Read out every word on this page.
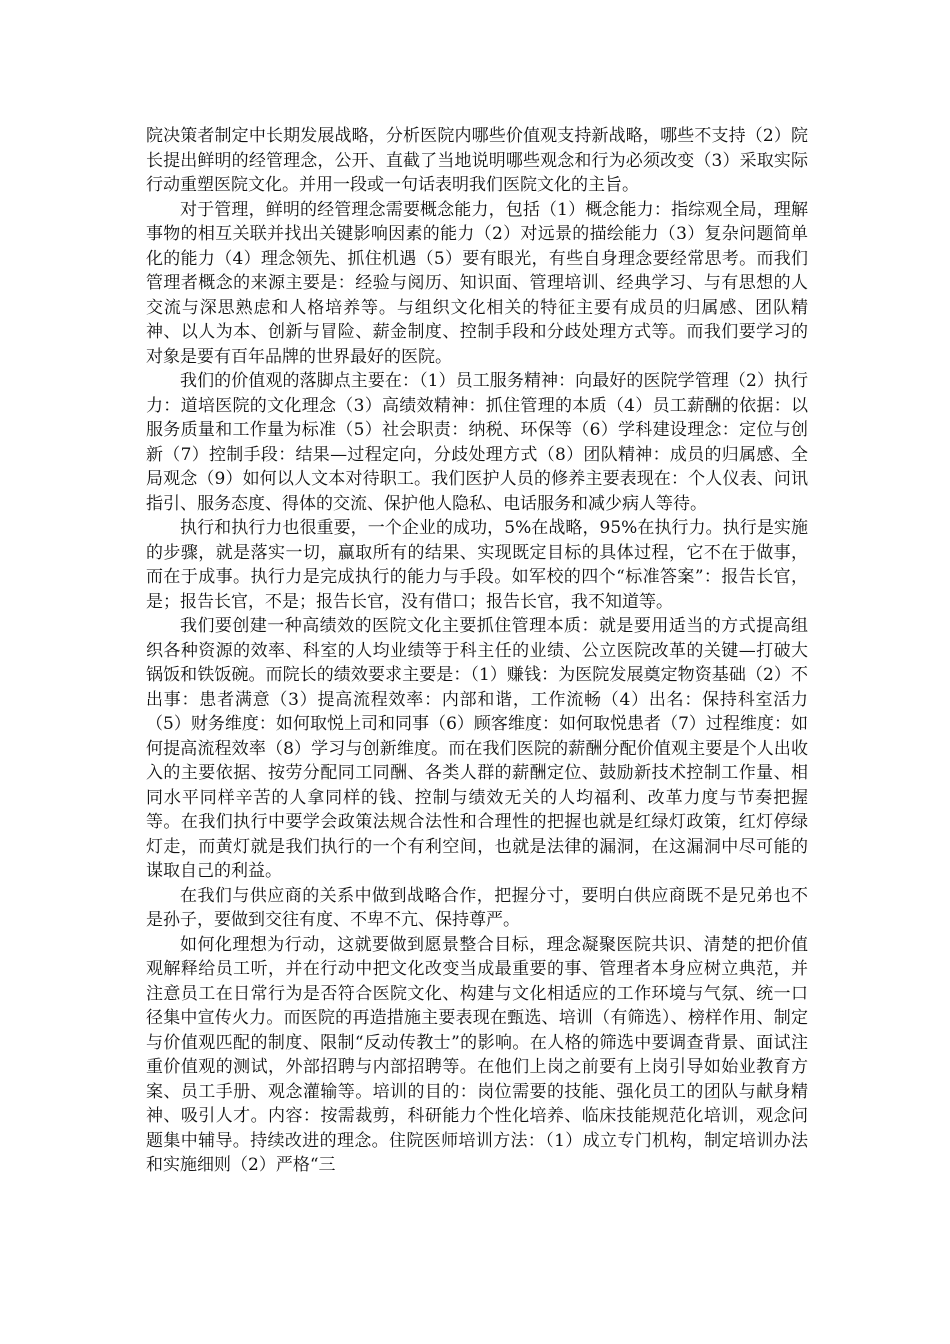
院决策者制定中长期发展战略，分析医院内哪些价值观支持新战略，哪些不支持（2）院长提出鲜明的经管理念，公开、直截了当地说明哪些观念和行为必须改变（3）采取实际行动重塑医院文化。并用一段或一句话表明我们医院文化的主旨。

对于管理，鲜明的经管理念需要概念能力，包括（1）概念能力：指综观全局，理解事物的相互关联并找出关键影响因素的能力（2）对远景的描绘能力（3）复杂问题简单化的能力（4）理念领先、抓住机遇（5）要有眼光，有些自身理念要经常思考。而我们管理者概念的来源主要是：经验与阅历、知识面、管理培训、经典学习、与有思想的人交流与深思熟虑和人格培养等。与组织文化相关的特征主要有成员的归属感、团队精神、以人为本、创新与冒险、薪金制度、控制手段和分歧处理方式等。而我们要学习的对象是要有百年品牌的世界最好的医院。

我们的价值观的落脚点主要在：（1）员工服务精神：向最好的医院学管理（2）执行力：道培医院的文化理念（3）高绩效精神：抓住管理的本质（4）员工薪酬的依据：以服务质量和工作量为标准（5）社会职责：纳税、环保等（6）学科建设理念：定位与创新（7）控制手段：结果—过程定向，分歧处理方式（8）团队精神：成员的归属感、全局观念（9）如何以人文本对待职工。我们医护人员的修养主要表现在：个人仪表、问讯指引、服务态度、得体的交流、保护他人隐私、电话服务和减少病人等待。

执行和执行力也很重要，一个企业的成功，5%在战略，95%在执行力。执行是实施的步骤，就是落实一切，赢取所有的结果、实现既定目标的具体过程，它不在于做事，而在于成事。执行力是完成执行的能力与手段。如军校的四个“标准答案”：报告长官，是；报告长官，不是；报告长官，没有借口；报告长官，我不知道等。

我们要创建一种高绩效的医院文化主要抓住管理本质：就是要用适当的方式提高组织各种资源的效率、科室的人均业绩等于科主任的业绩、公立医院改革的关键—打破大锅饭和铁饭碗。而院长的绩效要求主要是：（1）赚钱：为医院发展奠定物资基础（2）不出事：患者满意（3）提高流程效率：内部和谐，工作流畅（4）出名：保持科室活力（5）财务维度：如何取悦上司和同事（6）顾客维度：如何取悦患者（7）过程维度：如何提高流程效率（8）学习与创新维度。而在我们医院的薪酬分配价值观主要是个人出收入的主要依据、按劳分配同工同酬、各类人群的薪酬定位、鼓励新技术控制工作量、相同水平同样辛苦的人拿同样的钱、控制与绩效无关的人均福利、改革力度与节奏把握等。在我们执行中要学会政策法规合法性和合理性的把握也就是红绿灯政策，红灯停绿灯走，而黄灯就是我们执行的一个有利空间，也就是法律的漏洞，在这漏洞中尽可能的谋取自己的利益。

在我们与供应商的关系中做到战略合作，把握分寸，要明白供应商既不是兄弟也不是孙子，要做到交往有度、不卑不亢、保持尊严。

如何化理想为行动，这就要做到愿景整合目标，理念凝聚医院共识、清楚的把价值观解释给员工听，并在行动中把文化改变当成最重要的事、管理者本身应树立典范，并注意员工在日常行为是否符合医院文化、构建与文化相适应的工作环境与气氛、统一口径集中宣传火力。而医院的再造措施主要表现在甄选、培训（有筛选）、榜样作用、制定与价值观匹配的制度、限制“反动传教士”的影响。在人格的筛选中要调查背景、面试注重价值观的测试，外部招聘与内部招聘等。在他们上岗之前要有上岗引导如始业教育方案、员工手册、观念灌输等。培训的目的：岗位需要的技能、强化员工的团队与献身精神、吸引人才。内容：按需裁剪，科研能力个性化培养、临床技能规范化培训，观念问题集中辅导。持续改进的理念。住院医师培训方法：（1）成立专门机构，制定培训办法和实施细则（2）严格“三
